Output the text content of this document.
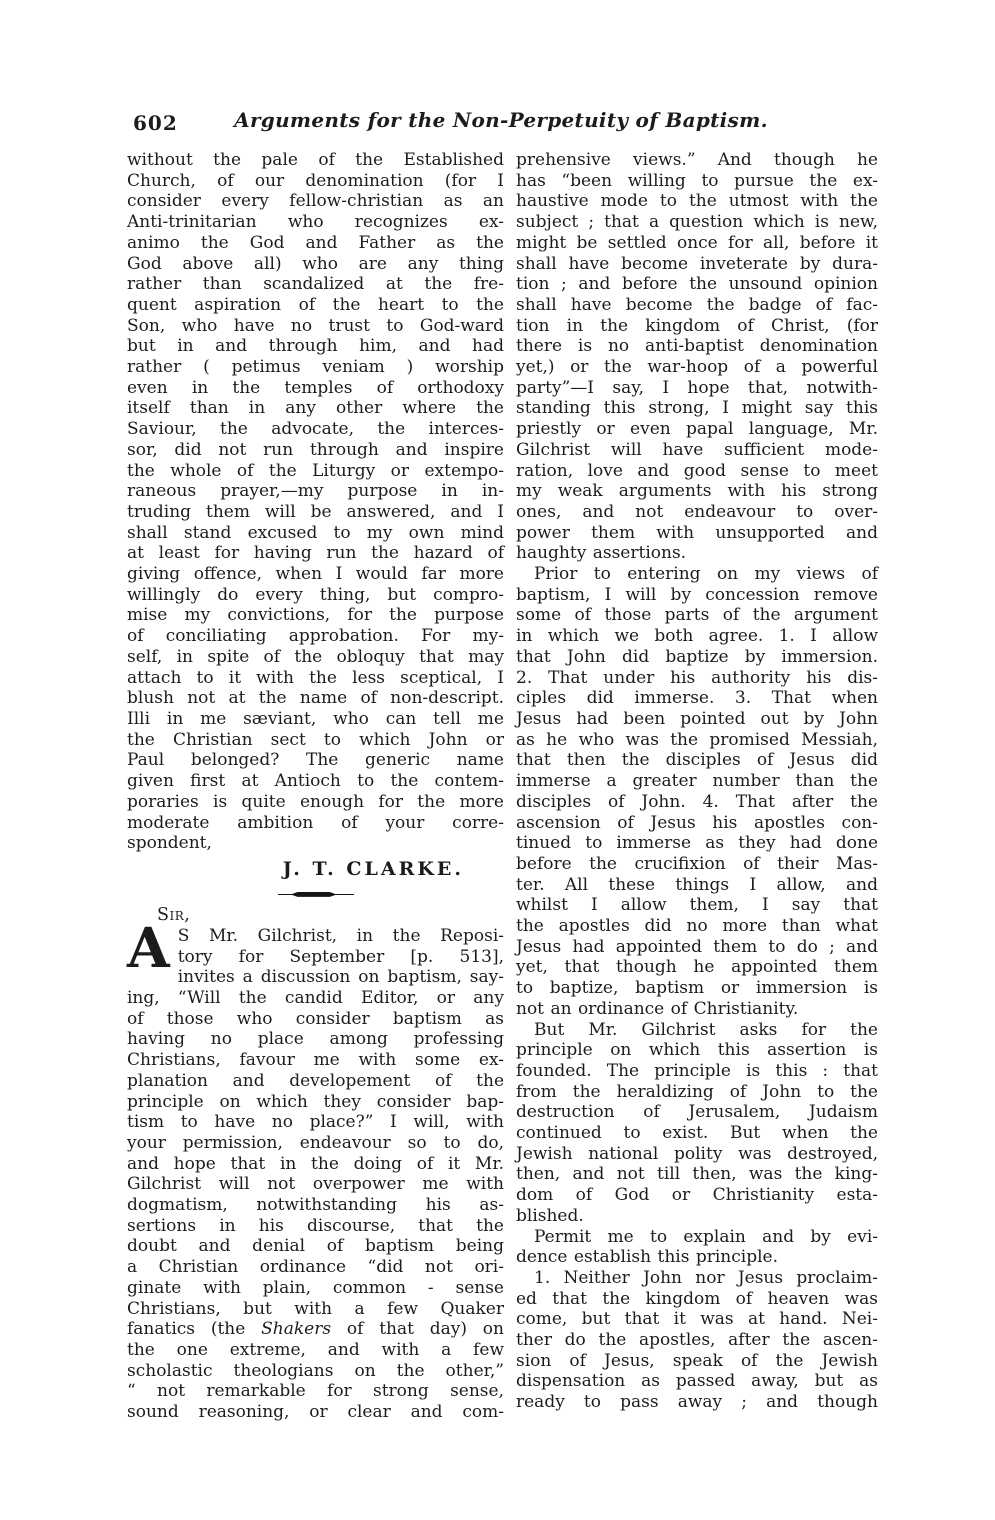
602	Arguments for the Non-Perpetuity of Baptism.
without the pale of the Established
Church, of our denomination (for I
consider every fellow-christian as an
Anti-trinitarian who recognizes ex-
animo the God and Father as the
God above all) who are any thing
rather than scandalized at the fre-
quent aspiration of the heart to the
Son, who have no trust to God-ward
but in and through him, and had
rather ( petimus veniam ) worship
even in the temples of orthodoxy
itself than in any other where the
Saviour, the advocate, the interces-
sor, did not run through and inspire
the whole of the Liturgy or extempo-
raneous prayer,—my purpose in in-
truding them will be answered, and I
shall stand excused to my own mind
at least for having run the hazard of
giving offence, when I would far more
willingly do every thing, but compro-
mise my convictions, for the purpose
of conciliating approbation. For my-
self, in spite of the obloquy that may
attach to it with the less sceptical, I
blush not at the name of non-descript.
Illi in me sæviant, who can tell me
the Christian sect to which John or
Paul belonged? The generic name
given first at Antioch to the contem-
poraries is quite enough for the more
moderate ambition of your corre-
spondent,
J. T. CLARKE.
Sir,
A S Mr. Gilchrist, in the Reposi-
tory for September [p. 513],
invites a discussion on baptism, say-
ing, “Will the candid Editor, or any
of those who consider baptism as
having no place among professing
Christians, favour me with some ex-
planation and developement of the
principle on which they consider bap-
tism to have no place?” I will, with
your permission, endeavour so to do,
and hope that in the doing of it Mr.
Gilchrist will not overpower me with
dogmatism, notwithstanding his as-
sertions in his discourse, that the
doubt and denial of baptism being
a Christian ordinance “did not ori-
ginate with plain, common - sense
Christians, but with a few Quaker
fanatics (the Shakers of that day) on
the one extreme, and with a few
scholastic theologians on the other,”
“ not remarkable for strong sense,
sound reasoning, or clear and com-
prehensive views.” And though he
has “been willing to pursue the ex-
haustive mode to the utmost with the
subject ; that a question which is new,
might be settled once for all, before it
shall have become inveterate by dura-
tion ; and before the unsound opinion
shall have become the badge of fac-
tion in the kingdom of Christ, (for
there is no anti-baptist denomination
yet,) or the war-hoop of a powerful
party”—I say, I hope that, notwith-
standing this strong, I might say this
priestly or even papal language, Mr.
Gilchrist will have sufficient mode-
ration, love and good sense to meet
my weak arguments with his strong
ones, and not endeavour to over-
power them with unsupported and
haughty assertions.
Prior to entering on my views of
baptism, I will by concession remove
some of those parts of the argument
in which we both agree. 1. I allow
that John did baptize by immersion.
2. That under his authority his dis-
ciples did immerse. 3. That when
Jesus had been pointed out by John
as he who was the promised Messiah,
that then the disciples of Jesus did
immerse a greater number than the
disciples of John. 4. That after the
ascension of Jesus his apostles con-
tinued to immerse as they had done
before the crucifixion of their Mas-
ter. All these things I allow, and
whilst I allow them, I say that
the apostles did no more than what
Jesus had appointed them to do ; and
yet, that though he appointed them
to baptize, baptism or immersion is
not an ordinance of Christianity.
But Mr. Gilchrist asks for the
principle on which this assertion is
founded. The principle is this : that
from the heraldizing of John to the
destruction of Jerusalem, Judaism
continued to exist. But when the
Jewish national polity was destroyed,
then, and not till then, was the king-
dom of God or Christianity esta-
blished.
Permit me to explain and by evi-
dence establish this principle.
1. Neither John nor Jesus proclaim-
ed that the kingdom of heaven was
come, but that it was at hand. Nei-
ther do the apostles, after the ascen-
sion of Jesus, speak of the Jewish
dispensation as passed away, but as
ready to pass away ; and though
